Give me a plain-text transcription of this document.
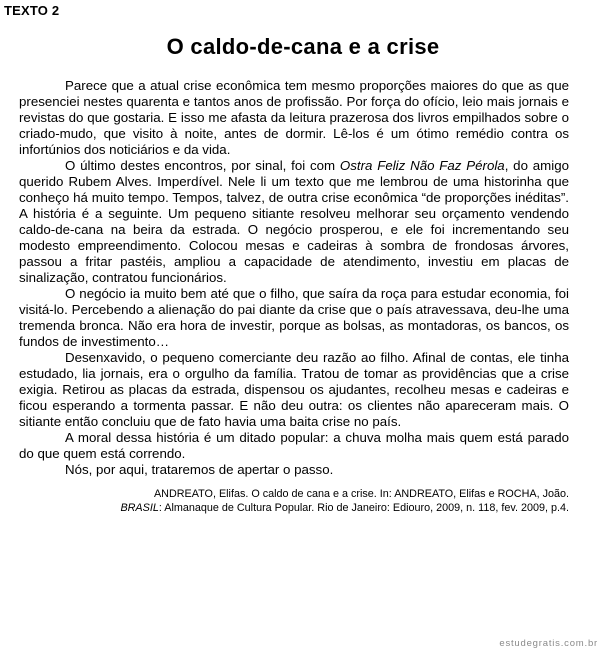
TEXTO 2
O caldo-de-cana e a crise

Parece que a atual crise econômica tem mesmo proporções maiores do que as que presenciei nestes quarenta e tantos anos de profissão. Por força do ofício, leio mais jornais e revistas do que gostaria. E isso me afasta da leitura prazerosa dos livros empilhados sobre o criado-mudo, que visito à noite, antes de dormir. Lê-los é um ótimo remédio contra os infortúnios dos noticiários e da vida.

O último destes encontros, por sinal, foi com Ostra Feliz Não Faz Pérola, do amigo querido Rubem Alves. Imperdível. Nele li um texto que me lembrou de uma historinha que conheço há muito tempo. Tempos, talvez, de outra crise econômica “de proporções inéditas”. A história é a seguinte. Um pequeno sitiante resolveu melhorar seu orçamento vendendo caldo-de-cana na beira da estrada. O negócio prosperou, e ele foi incrementando seu modesto empreendimento. Colocou mesas e cadeiras à sombra de frondosas árvores, passou a fritar pastéis, ampliou a capacidade de atendimento, investiu em placas de sinalização, contratou funcionários.

O negócio ia muito bem até que o filho, que saíra da roça para estudar economia, foi visitá-lo. Percebendo a alienação do pai diante da crise que o país atravessava, deu-lhe uma tremenda bronca. Não era hora de investir, porque as bolsas, as montadoras, os bancos, os fundos de investimento…

Desenxavido, o pequeno comerciante deu razão ao filho. Afinal de contas, ele tinha estudado, lia jornais, era o orgulho da família. Tratou de tomar as providências que a crise exigia. Retirou as placas da estrada, dispensou os ajudantes, recolheu mesas e cadeiras e ficou esperando a tormenta passar. E não deu outra: os clientes não apareceram mais. O sitiante então concluiu que de fato havia uma baita crise no país.

A moral dessa história é um ditado popular: a chuva molha mais quem está parado do que quem está correndo.

Nós, por aqui, trataremos de apertar o passo.

ANDREATO, Elifas. O caldo de cana e a crise. In: ANDREATO, Elifas e ROCHA, João.
BRASIL: Almanaque de Cultura Popular. Rio de Janeiro: Ediouro, 2009, n. 118, fev. 2009, p.4.
estudegratis.com.br
